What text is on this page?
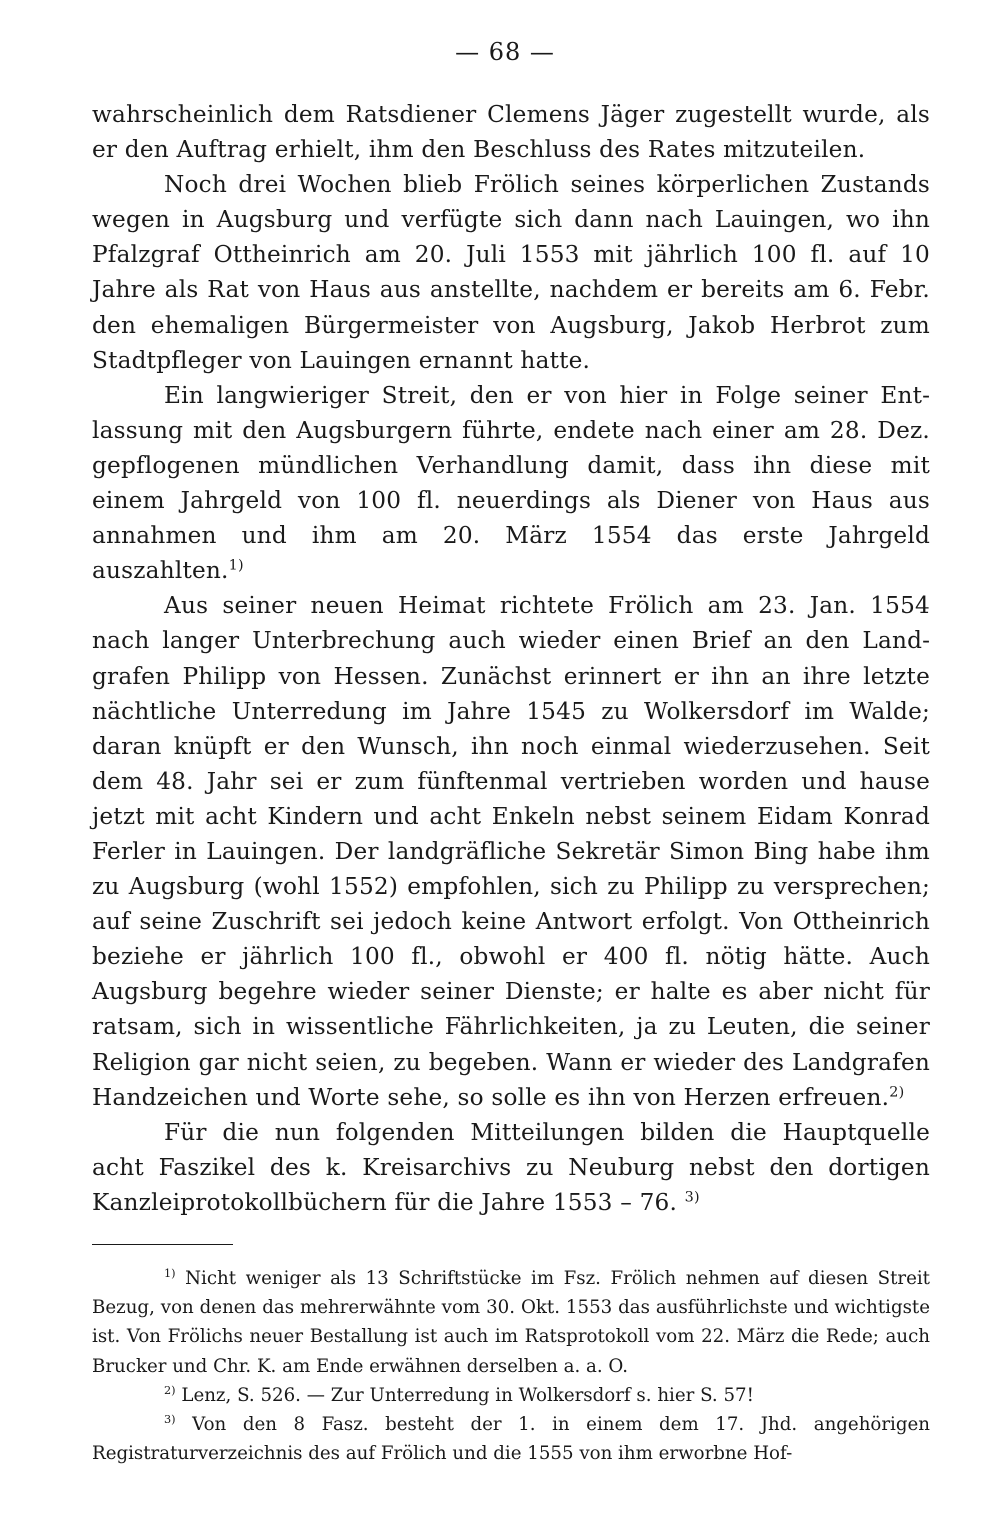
— 68 —

wahrscheinlich dem Ratsdiener Clemens Jäger zugestellt wurde, als er den Auftrag erhielt, ihm den Beschluss des Rates mitzuteilen.

Noch drei Wochen blieb Frölich seines körperlichen Zustands wegen in Augsburg und verfügte sich dann nach Lauingen, wo ihn Pfalzgraf Ottheinrich am 20. Juli 1553 mit jährlich 100 fl. auf 10 Jahre als Rat von Haus aus anstellte, nachdem er bereits am 6. Febr. den ehemaligen Bürgermeister von Augsburg, Jakob Herbrot zum Stadtpfleger von Lauingen ernannt hatte.

Ein langwieriger Streit, den er von hier in Folge seiner Entlassung mit den Augsburgern führte, endete nach einer am 28. Dez. gepflogenen mündlichen Verhandlung damit, dass ihn diese mit einem Jahrgeld von 100 fl. neuerdings als Diener von Haus aus annahmen und ihm am 20. März 1554 das erste Jahrgeld auszahlten.$^{1)}$

Aus seiner neuen Heimat richtete Frölich am 23. Jan. 1554 nach langer Unterbrechung auch wieder einen Brief an den Landgrafen Philipp von Hessen. Zunächst erinnert er ihn an ihre letzte nächtliche Unterredung im Jahre 1545 zu Wolkersdorf im Walde; daran knüpft er den Wunsch, ihn noch einmal wiederzusehen. Seit dem 48. Jahr sei er zum fünftenmal vertrieben worden und hause jetzt mit acht Kindern und acht Enkeln nebst seinem Eidam Konrad Ferler in Lauingen. Der landgräfliche Sekretär Simon Bing habe ihm zu Augsburg (wohl 1552) empfohlen, sich zu Philipp zu versprechen; auf seine Zuschrift sei jedoch keine Antwort erfolgt. Von Ottheinrich beziehe er jährlich 100 fl., obwohl er 400 fl. nötig hätte. Auch Augsburg begehre wieder seiner Dienste; er halte es aber nicht für ratsam, sich in wissentliche Fährlichkeiten, ja zu Leuten, die seiner Religion gar nicht seien, zu begeben. Wann er wieder des Landgrafen Handzeichen und Worte sehe, so solle es ihn von Herzen erfreuen.$^{2)}$

Für die nun folgenden Mitteilungen bilden die Hauptquelle acht Faszikel des k. Kreisarchivs zu Neuburg nebst den dortigen Kanzleiprotokollbüchern für die Jahre 1553 – 76. $^{3)}$

$^{1)}$ Nicht weniger als 13 Schriftstücke im Fsz. Frölich nehmen auf diesen Streit Bezug, von denen das mehrerwähnte vom 30. Okt. 1553 das ausführlichste und wichtigste ist. Von Frölichs neuer Bestallung ist auch im Ratsprotokoll vom 22. März die Rede; auch Brucker und Chr. K. am Ende erwähnen derselben a. a. O.

$^{2)}$ Lenz, S. 526. — Zur Unterredung in Wolkersdorf s. hier S. 57!

$^{3)}$ Von den 8 Fasz. besteht der 1. in einem dem 17. Jhd. angehörigen Registraturverzeichnis des auf Frölich und die 1555 von ihm erworbne Hof-
